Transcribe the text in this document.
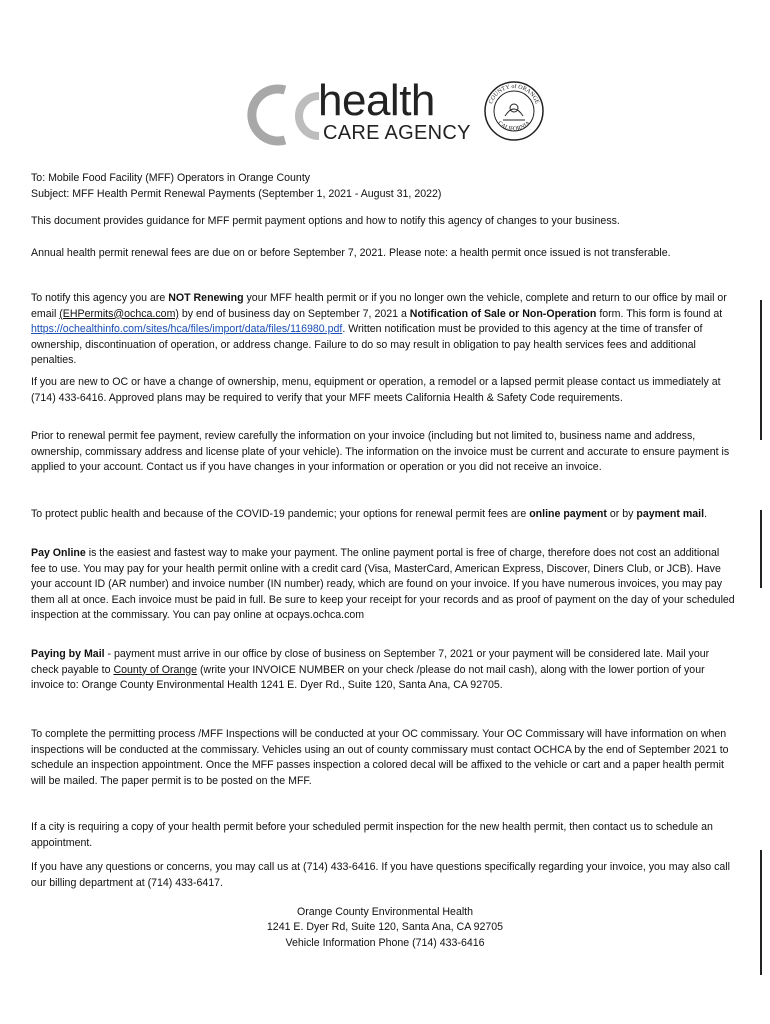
health
CARE AGENCY
COUNTY of ORANGE
CALIFORNIA

To: Mobile Food Facility (MFF) Operators in Orange County
Subject: MFF Health Permit Renewal Payments (September 1, 2021 - August 31, 2022)

This document provides guidance for MFF permit payment options and how to notify this agency of changes to your business.

Annual health permit renewal fees are due on or before September 7, 2021. Please note: a health permit once issued is not transferable.

To notify this agency you are NOT Renewing your MFF health permit or if you no longer own the vehicle, complete and return to our office by mail or email (EHPermits@ochca.com) by end of business day on September 7, 2021 a Notification of Sale or Non-Operation form. This form is found at https://ochealthinfo.com/sites/hca/files/import/data/files/116980.pdf. Written notification must be provided to this agency at the time of transfer of ownership, discontinuation of operation, or address change. Failure to do so may result in obligation to pay health services fees and additional penalties.

If you are new to OC or have a change of ownership, menu, equipment or operation, a remodel or a lapsed permit please contact us immediately at (714) 433-6416. Approved plans may be required to verify that your MFF meets California Health & Safety Code requirements.

Prior to renewal permit fee payment, review carefully the information on your invoice (including but not limited to, business name and address, ownership, commissary address and license plate of your vehicle). The information on the invoice must be current and accurate to ensure payment is applied to your account. Contact us if you have changes in your information or operation or you did not receive an invoice.

To protect public health and because of the COVID-19 pandemic; your options for renewal permit fees are online payment or by payment mail.

Pay Online is the easiest and fastest way to make your payment. The online payment portal is free of charge, therefore does not cost an additional fee to use. You may pay for your health permit online with a credit card (Visa, MasterCard, American Express, Discover, Diners Club, or JCB). Have your account ID (AR number) and invoice number (IN number) ready, which are found on your invoice. If you have numerous invoices, you may pay them all at once. Each invoice must be paid in full. Be sure to keep your receipt for your records and as proof of payment on the day of your scheduled inspection at the commissary. You can pay online at ocpays.ochca.com

Paying by Mail - payment must arrive in our office by close of business on September 7, 2021 or your payment will be considered late. Mail your check payable to County of Orange (write your INVOICE NUMBER on your check /please do not mail cash), along with the lower portion of your invoice to: Orange County Environmental Health 1241 E. Dyer Rd., Suite 120, Santa Ana, CA 92705.

To complete the permitting process /MFF Inspections will be conducted at your OC commissary. Your OC Commissary will have information on when inspections will be conducted at the commissary. Vehicles using an out of county commissary must contact OCHCA by the end of September 2021 to schedule an inspection appointment. Once the MFF passes inspection a colored decal will be affixed to the vehicle or cart and a paper health permit will be mailed. The paper permit is to be posted on the MFF.

If a city is requiring a copy of your health permit before your scheduled permit inspection for the new health permit, then contact us to schedule an appointment.

If you have any questions or concerns, you may call us at (714) 433-6416. If you have questions specifically regarding your invoice, you may also call our billing department at (714) 433-6417.

Orange County Environmental Health
1241 E. Dyer Rd, Suite 120, Santa Ana, CA 92705
Vehicle Information Phone (714) 433-6416
